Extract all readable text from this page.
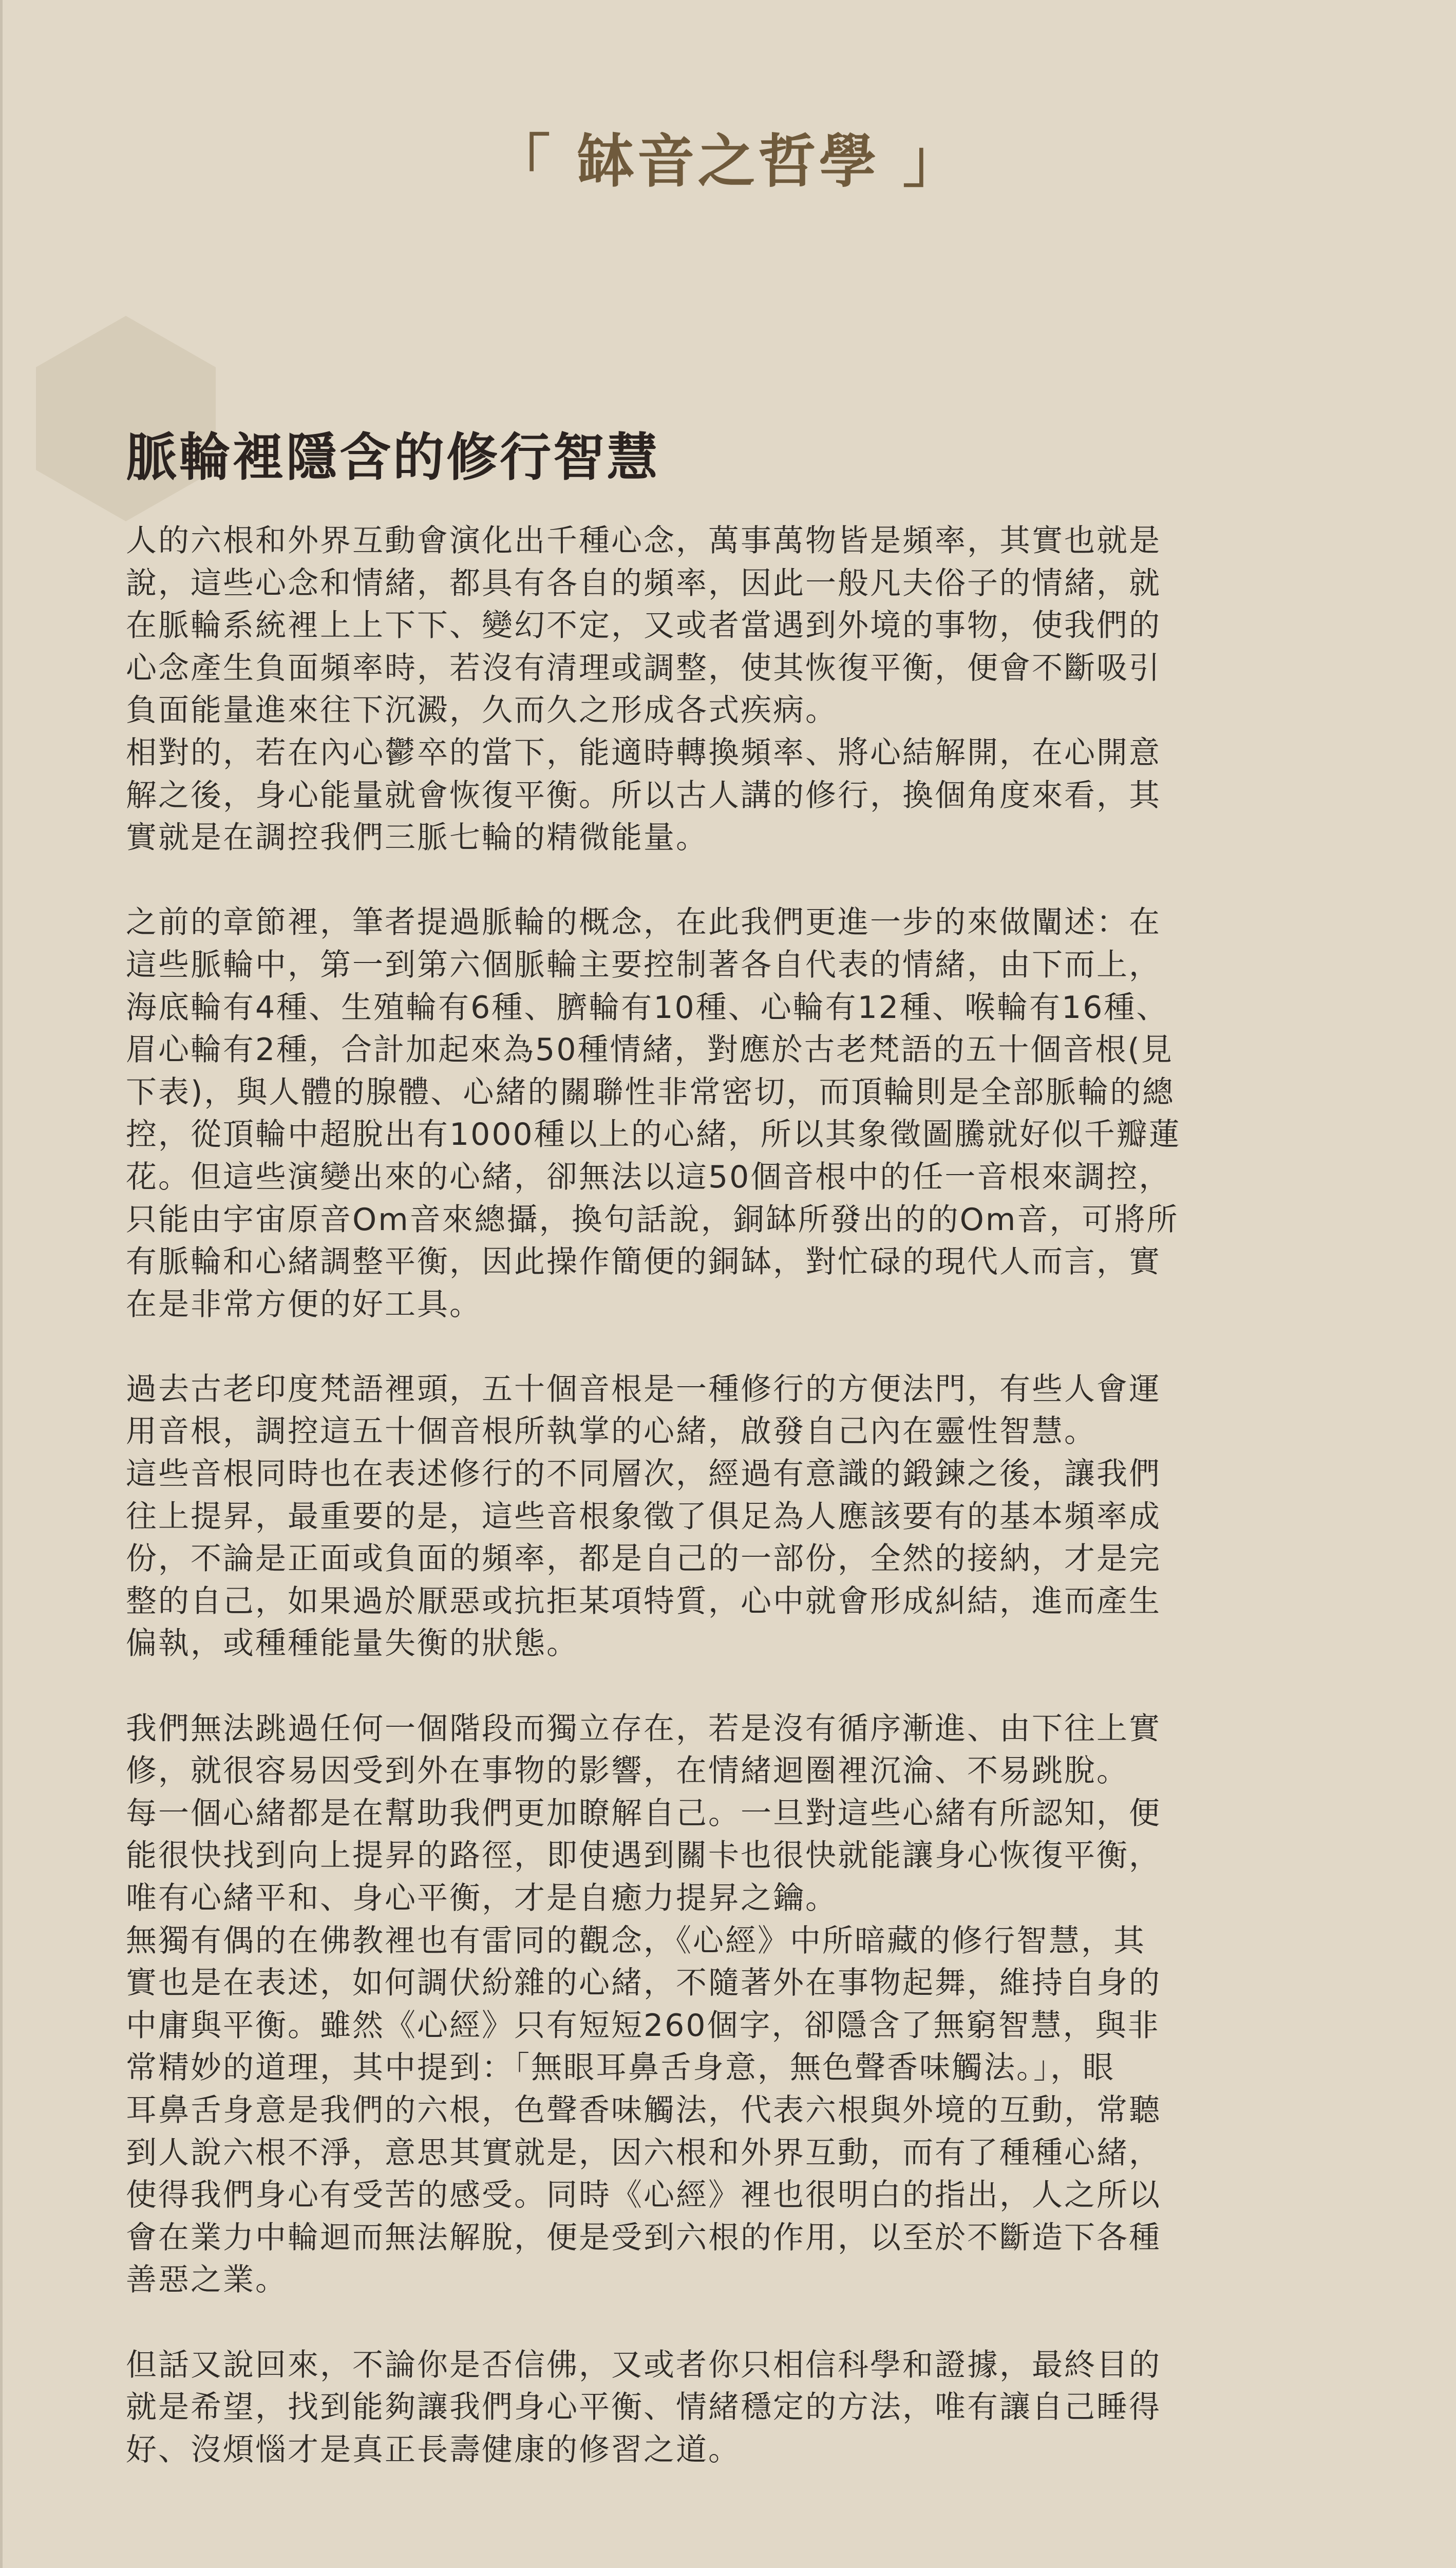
「 缽音之哲學 」
脈輪裡隱含的修行智慧
人的六根和外界互動會演化出千種心念，萬事萬物皆是頻率，其實也就是
說，這些心念和情緒，都具有各自的頻率，因此一般凡夫俗子的情緒，就
在脈輪系統裡上上下下、變幻不定，又或者當遇到外境的事物，使我們的
心念產生負面頻率時，若沒有清理或調整，使其恢復平衡，便會不斷吸引
負面能量進來往下沉澱，久而久之形成各式疾病。
相對的，若在內心鬱卒的當下，能適時轉換頻率、將心結解開，在心開意
解之後，身心能量就會恢復平衡。所以古人講的修行，換個角度來看，其
實就是在調控我們三脈七輪的精微能量。
之前的章節裡，筆者提過脈輪的概念，在此我們更進一步的來做闡述：在
這些脈輪中，第一到第六個脈輪主要控制著各自代表的情緒，由下而上，
海底輪有4種、生殖輪有6種、臍輪有10種、心輪有12種、喉輪有16種、
眉心輪有2種，合計加起來為50種情緒，對應於古老梵語的五十個音根(見
下表)，與人體的腺體、心緒的關聯性非常密切，而頂輪則是全部脈輪的總
控，從頂輪中超脫出有1000種以上的心緒，所以其象徵圖騰就好似千瓣蓮
花。但這些演變出來的心緒，卻無法以這50個音根中的任一音根來調控，
只能由宇宙原音Om音來總攝，換句話說，銅缽所發出的的Om音，可將所
有脈輪和心緒調整平衡，因此操作簡便的銅缽，對忙碌的現代人而言，實
在是非常方便的好工具。
過去古老印度梵語裡頭，五十個音根是一種修行的方便法門，有些人會運
用音根，調控這五十個音根所執掌的心緒，啟發自己內在靈性智慧。
這些音根同時也在表述修行的不同層次，經過有意識的鍛鍊之後，讓我們
往上提昇，最重要的是，這些音根象徵了俱足為人應該要有的基本頻率成
份，不論是正面或負面的頻率，都是自己的一部份，全然的接納，才是完
整的自己，如果過於厭惡或抗拒某項特質，心中就會形成糾結，進而產生
偏執，或種種能量失衡的狀態。
我們無法跳過任何一個階段而獨立存在，若是沒有循序漸進、由下往上實
修，就很容易因受到外在事物的影響，在情緒迴圈裡沉淪、不易跳脫。
每一個心緒都是在幫助我們更加瞭解自己。一旦對這些心緒有所認知，便
能很快找到向上提昇的路徑，即使遇到關卡也很快就能讓身心恢復平衡，
唯有心緒平和、身心平衡，才是自癒力提昇之鑰。
無獨有偶的在佛教裡也有雷同的觀念，《心經》中所暗藏的修行智慧，其
實也是在表述，如何調伏紛雜的心緒，不隨著外在事物起舞，維持自身的
中庸與平衡。雖然《心經》只有短短260個字，卻隱含了無窮智慧，與非
常精妙的道理，其中提到：「無眼耳鼻舌身意，無色聲香味觸法。」，眼
耳鼻舌身意是我們的六根，色聲香味觸法，代表六根與外境的互動，常聽
到人說六根不淨，意思其實就是，因六根和外界互動，而有了種種心緒，
使得我們身心有受苦的感受。同時《心經》裡也很明白的指出，人之所以
會在業力中輪迴而無法解脫，便是受到六根的作用，以至於不斷造下各種
善惡之業。
但話又說回來，不論你是否信佛，又或者你只相信科學和證據，最終目的
就是希望，找到能夠讓我們身心平衡、情緒穩定的方法，唯有讓自己睡得
好、沒煩惱才是真正長壽健康的修習之道。
